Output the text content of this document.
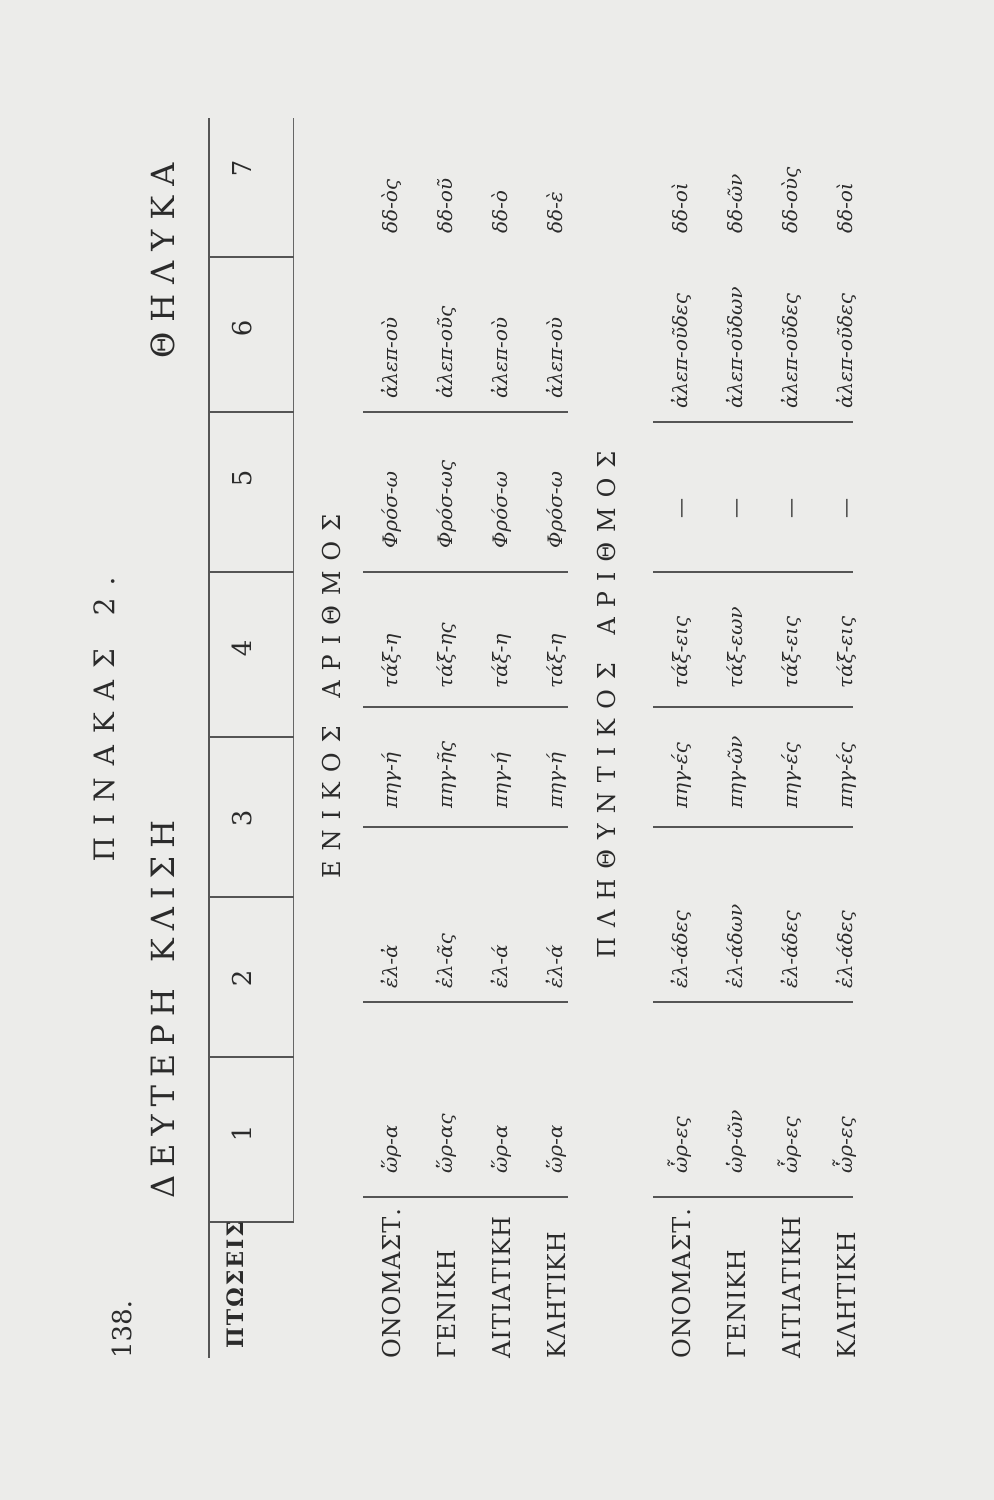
138.
ΠΙΝΑΚΑΣ 2.
ΔΕΥΤΕΡΗ ΚΛΙΣΗ
ΘΗΛΥΚΑ
ΠΤΩΣΕΙΣ
1
2
3
4
5
6
7
ΕΝΙΚΟΣ ΑΡΙΘΜΟΣ
ΟΝΟΜΑΣΤ. ΓΕΝΙΚΗ ΑΙΤΙΑΤΙΚΗ ΚΛΗΤΙΚΗ
ὥρ-α
ἐλ-ἀ
πηγ-ή
τάξ-η
Φρόσ-ω
ἀλεπ-οὺ
δδ-ὸς
ὥρ-ας
ἐλ-ᾶς
πηγ-ῆς
τάξ-ης
Φρόσ-ως
ἀλεπ-οῦς
δδ-οῦ
ὥρ-α
ἐλ-ά
πηγ-ή
τάξ-η
Φρόσ-ω
ἀλεπ-οὺ
δδ-ὸ
ὥρ-α
ἐλ-ά
πηγ-ή
τάξ-η
Φρόσ-ω
ἀλεπ-οὺ
δδ-ὲ
ΠΛΗΘΥΝΤΙΚΟΣ ΑΡΙΘΜΟΣ
ΟΝΟΜΑΣΤ. ΓΕΝΙΚΗ ΑΙΤΙΑΤΙΚΗ ΚΛΗΤΙΚΗ
ὧρ-ες
ἐλ-άδες
πηγ-ές
τάξ-εις
—
ἀλεπ-οῦδες
δδ-οὶ
ὡρ-ῶν
ἐλ-άδων
πηγ-ῶν
τάξ-εων
—
ἀλεπ-οῦδων
δδ-ῶν
ὧρ-ες
ἐλ-άδες
πηγ-ές
τάξ-εις
—
ἀλεπ-οῦδες
δδ-οὺς
ὧρ-ες
ἐλ-άδες
πηγ-ές
τάξ-εις
—
ἀλεπ-οῦδες
δδ-οὶ
